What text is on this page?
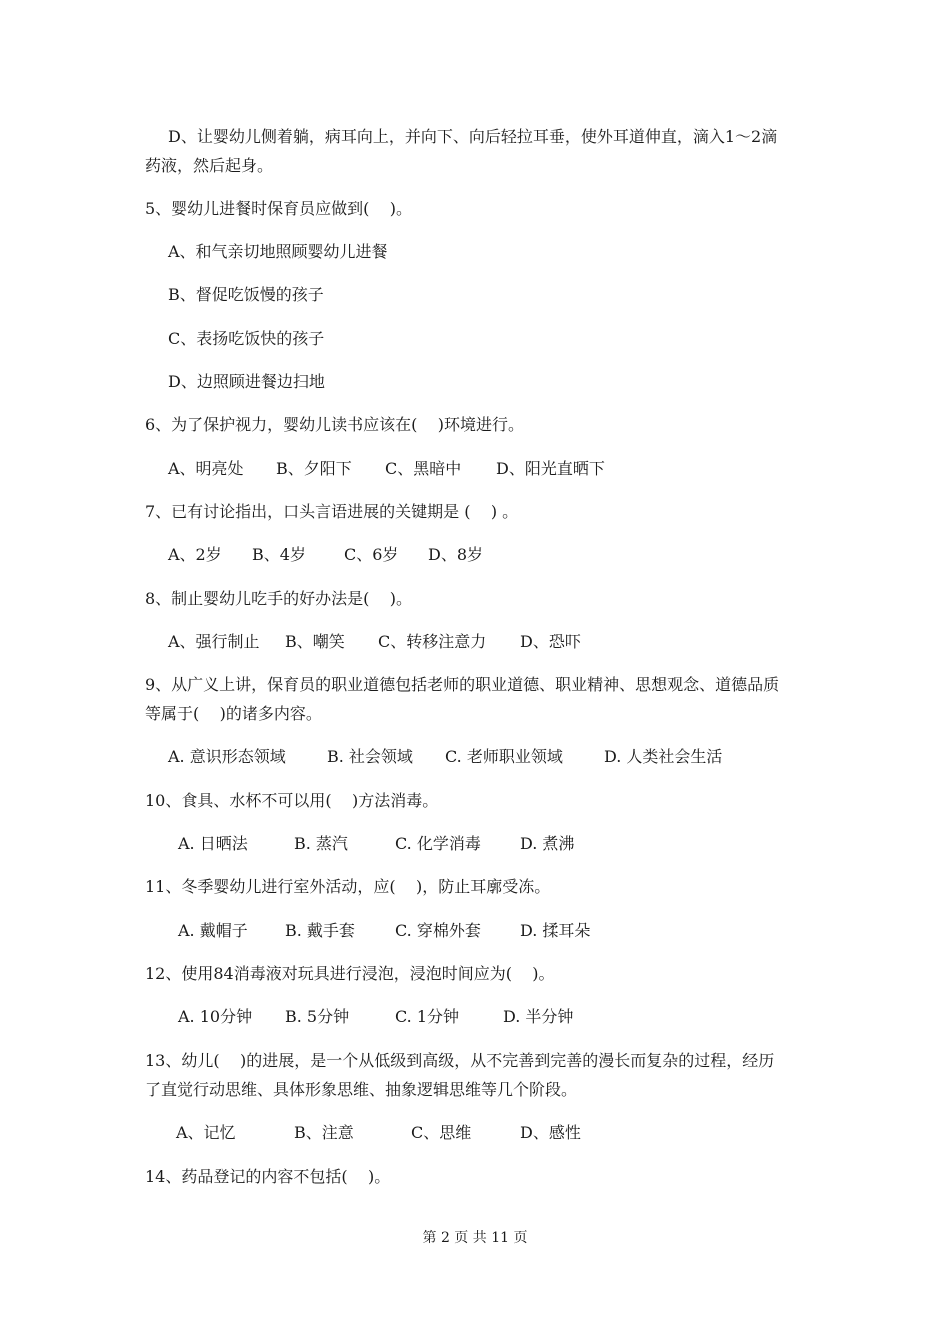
D、让婴幼儿侧着躺，病耳向上，并向下、向后轻拉耳垂，使外耳道伸直，滴入1～2滴
药液，然后起身。
5、婴幼儿进餐时保育员应做到(    )。
A、和气亲切地照顾婴幼儿进餐
B、督促吃饭慢的孩子
C、表扬吃饭快的孩子
D、边照顾进餐边扫地
6、为了保护视力，婴幼儿读书应该在(    )环境进行。
A、明亮处 B、夕阳下 C、黑暗中 D、阳光直晒下
7、已有讨论指出，口头言语进展的关键期是 (    ) 。
A、2岁 B、4岁 C、6岁 D、8岁
8、制止婴幼儿吃手的好办法是(    )。
A、强行制止 B、嘲笑 C、转移注意力 D、恐吓
9、从广义上讲，保育员的职业道德包括老师的职业道德、职业精神、思想观念、道德品质
等属于(    )的诸多内容。
A. 意识形态领域	B. 社会领域 C. 老师职业领域	D. 人类社会生活
10、食具、水杯不可以用(    )方法消毒。
A. 日晒法	B. 蒸汽	C. 化学消毒 D. 煮沸
11、冬季婴幼儿进行室外活动，应(    )，防止耳廓受冻。
A. 戴帽子 B. 戴手套	C. 穿棉外套 D. 揉耳朵
12、使用84消毒液对玩具进行浸泡，浸泡时间应为(    )。
A. 10分钟 B. 5分钟	C. 1分钟	D. 半分钟
13、幼儿(    )的进展，是一个从低级到高级，从不完善到完善的漫长而复杂的过程，经历
了直觉行动思维、具体形象思维、抽象逻辑思维等几个阶段。
A、记忆	B、注意	C、思维	D、感性
14、药品登记的内容不包括(    )。
第 2 页 共 11 页
